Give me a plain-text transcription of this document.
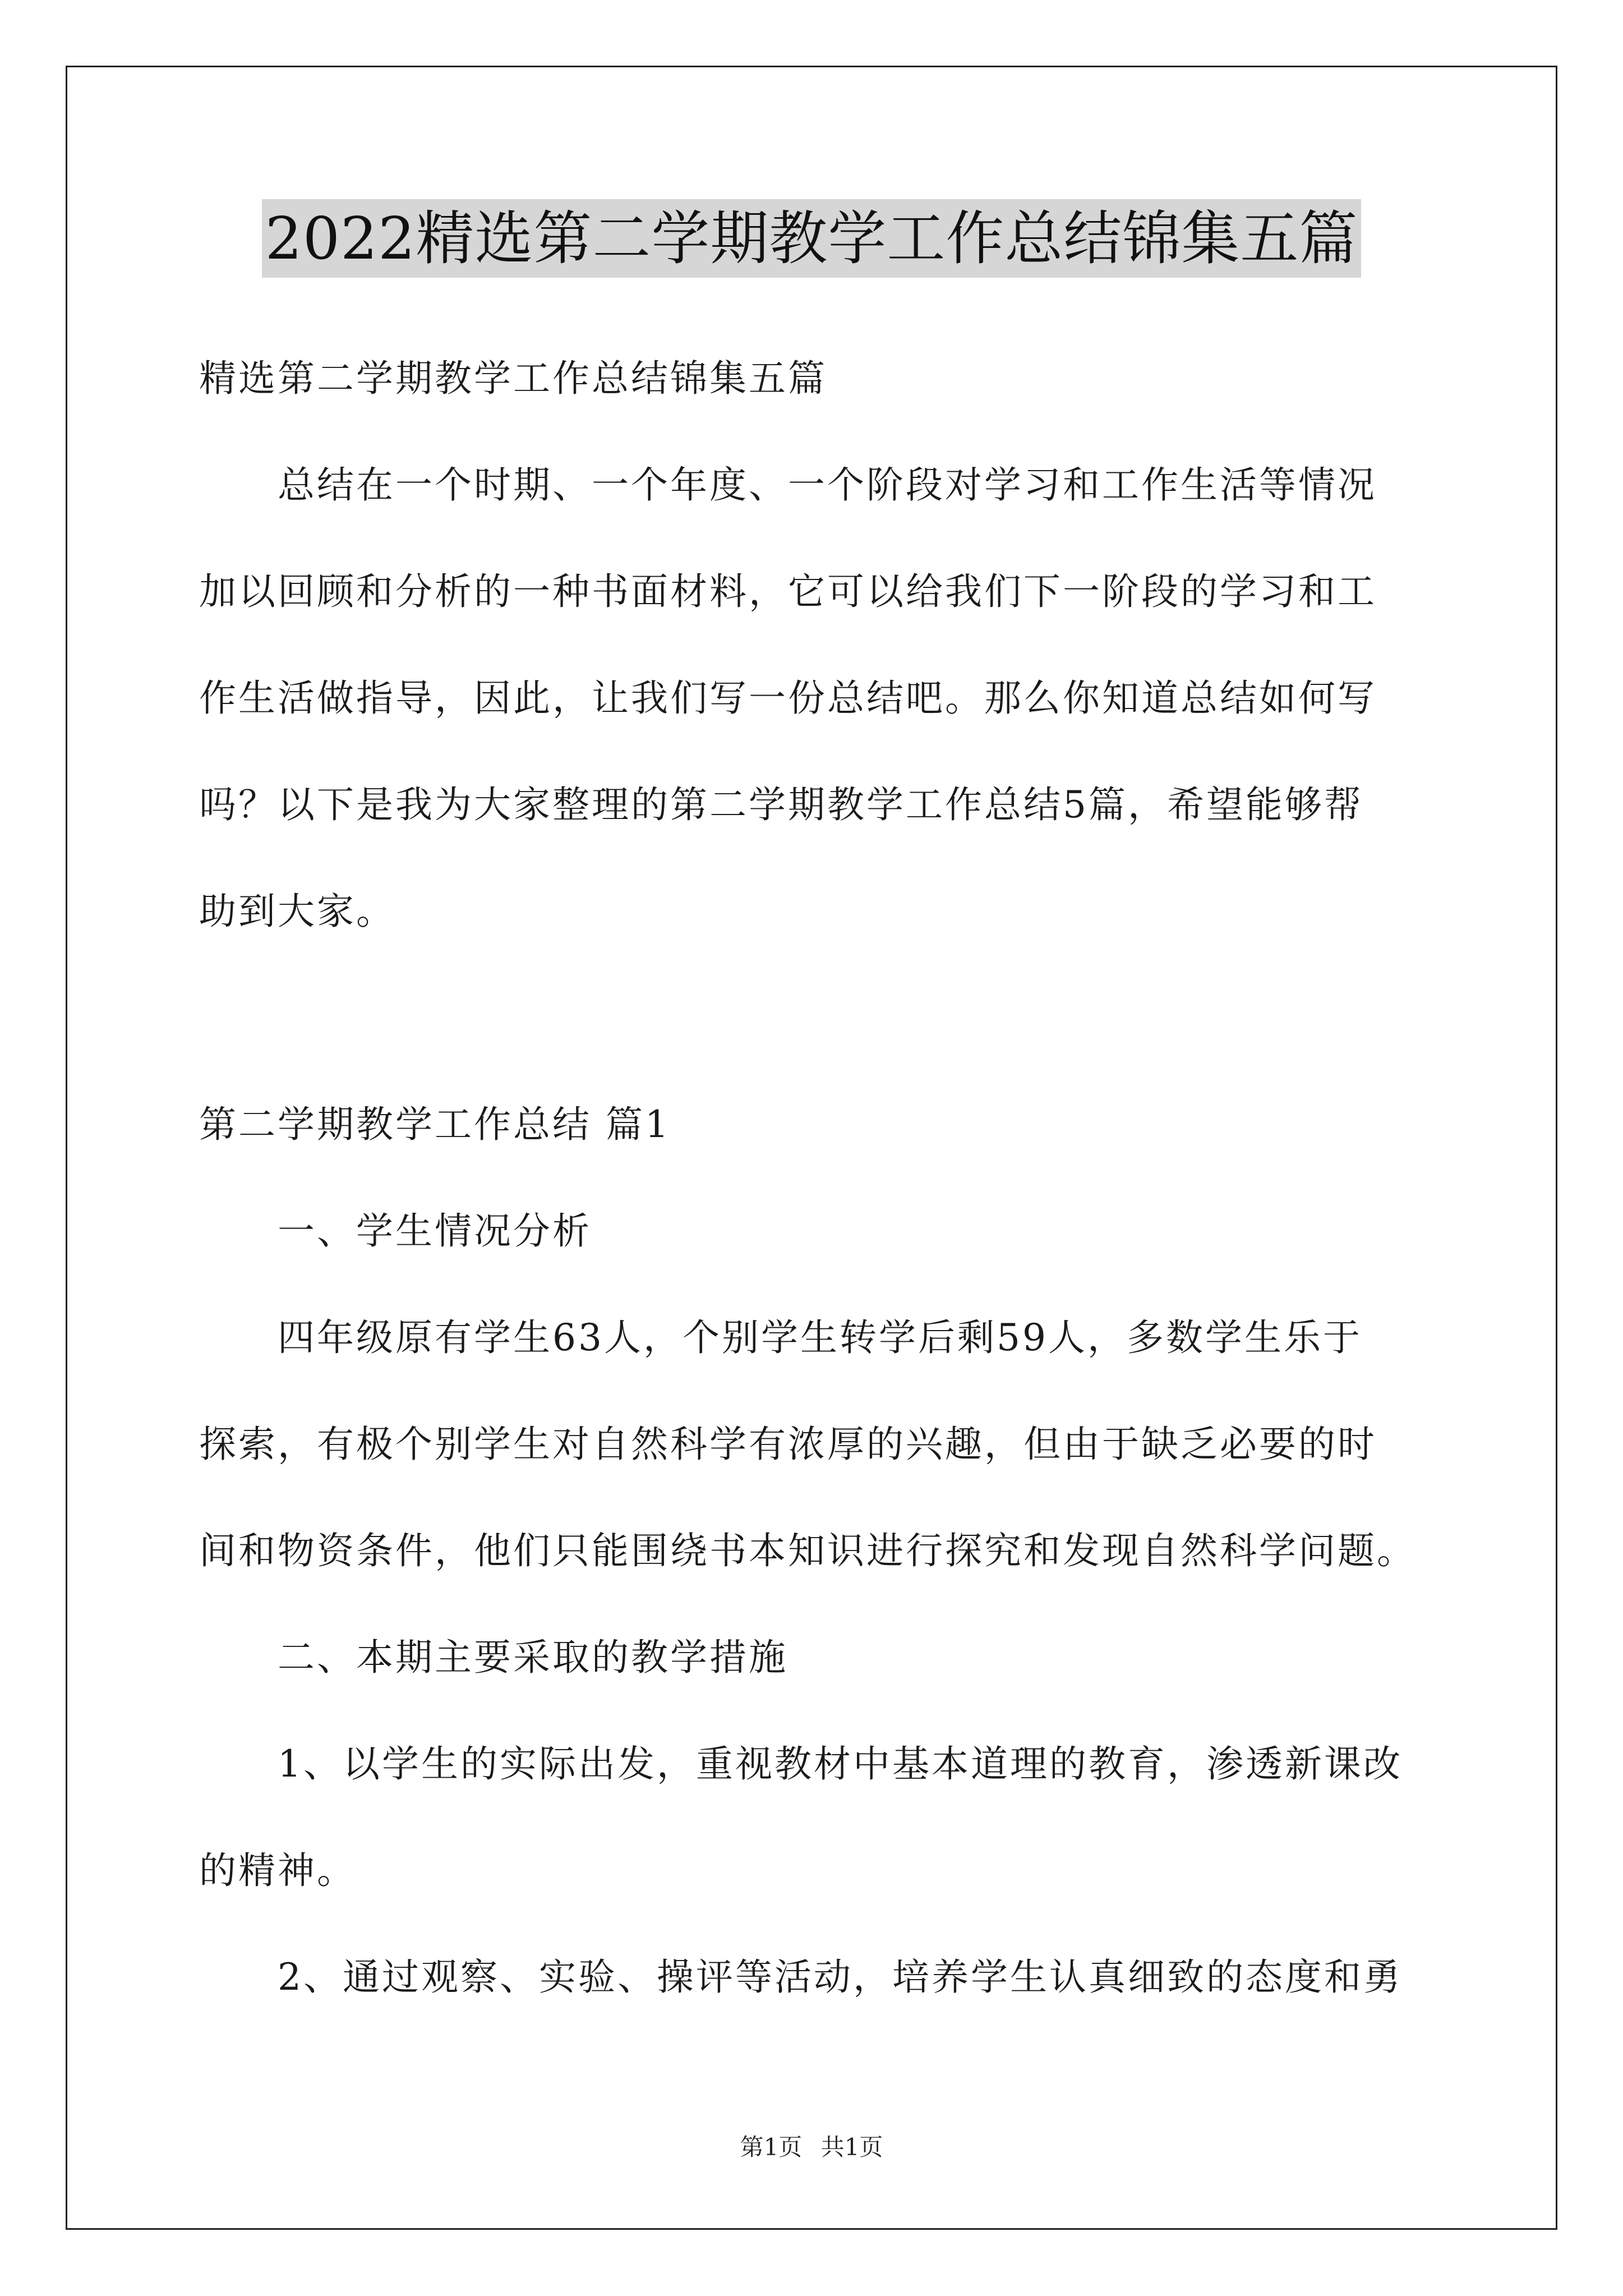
2022精选第二学期教学工作总结锦集五篇

精选第二学期教学工作总结锦集五篇

　　总结在一个时期、一个年度、一个阶段对学习和工作生活等情况

加以回顾和分析的一种书面材料，它可以给我们下一阶段的学习和工

作生活做指导，因此，让我们写一份总结吧。那么你知道总结如何写

吗？以下是我为大家整理的第二学期教学工作总结5篇，希望能够帮

助到大家。

第二学期教学工作总结 篇1

　　一、学生情况分析

　　四年级原有学生63人，个别学生转学后剩59人，多数学生乐于

探索，有极个别学生对自然科学有浓厚的兴趣，但由于缺乏必要的时

间和物资条件，他们只能围绕书本知识进行探究和发现自然科学问题。

　　二、本期主要采取的教学措施

　　1、以学生的实际出发，重视教材中基本道理的教育，渗透新课改

的精神。

　　2、通过观察、实验、操评等活动，培养学生认真细致的态度和勇

第1页 共1页
